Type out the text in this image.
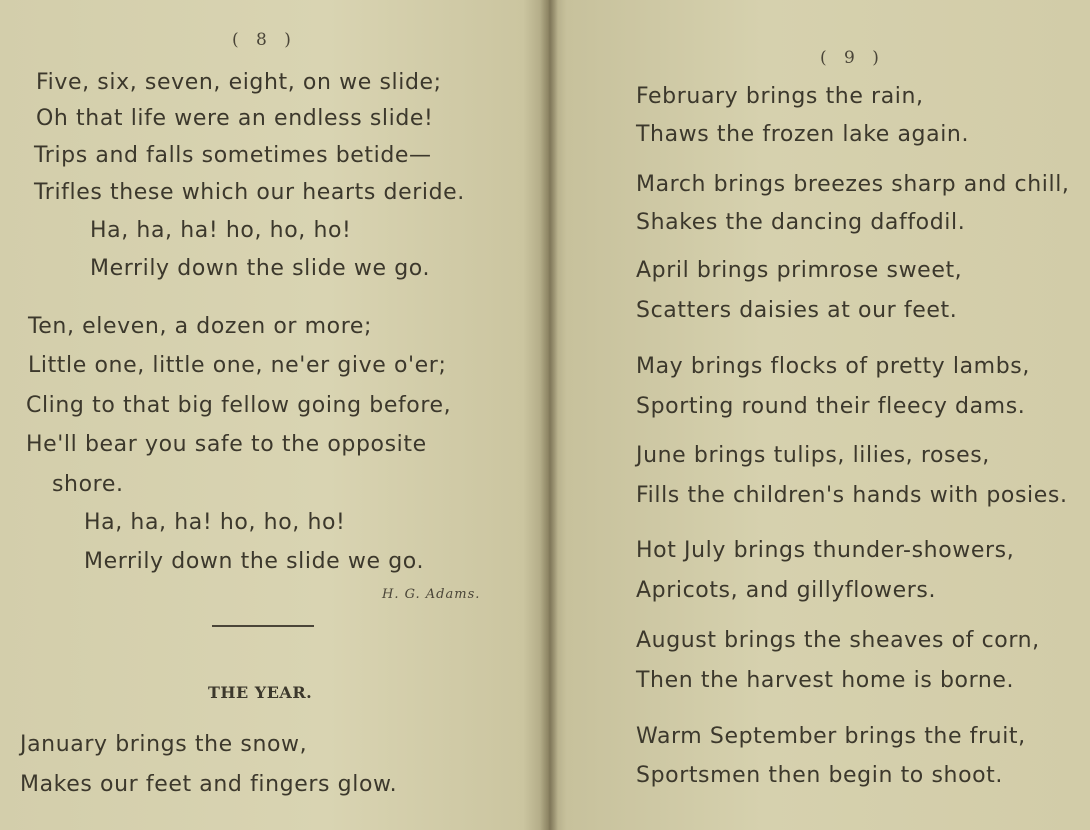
( 8 )
Five, six, seven, eight, on we slide;
Oh that life were an endless slide!
Trips and falls sometimes betide—
Trifles these which our hearts deride.
Ha, ha, ha! ho, ho, ho!
Merrily down the slide we go.
Ten, eleven, a dozen or more;
Little one, little one, ne'er give o'er;
Cling to that big fellow going before,
He'll bear you safe to the opposite
shore.
Ha, ha, ha! ho, ho, ho!
Merrily down the slide we go.
H. G. Adams.
THE YEAR.
January brings the snow,
Makes our feet and fingers glow.
( 9 )
February brings the rain,
Thaws the frozen lake again.
March brings breezes sharp and chill,
Shakes the dancing daffodil.
April brings primrose sweet,
Scatters daisies at our feet.
May brings flocks of pretty lambs,
Sporting round their fleecy dams.
June brings tulips, lilies, roses,
Fills the children's hands with posies.
Hot July brings thunder-showers,
Apricots, and gillyflowers.
August brings the sheaves of corn,
Then the harvest home is borne.
Warm September brings the fruit,
Sportsmen then begin to shoot.
